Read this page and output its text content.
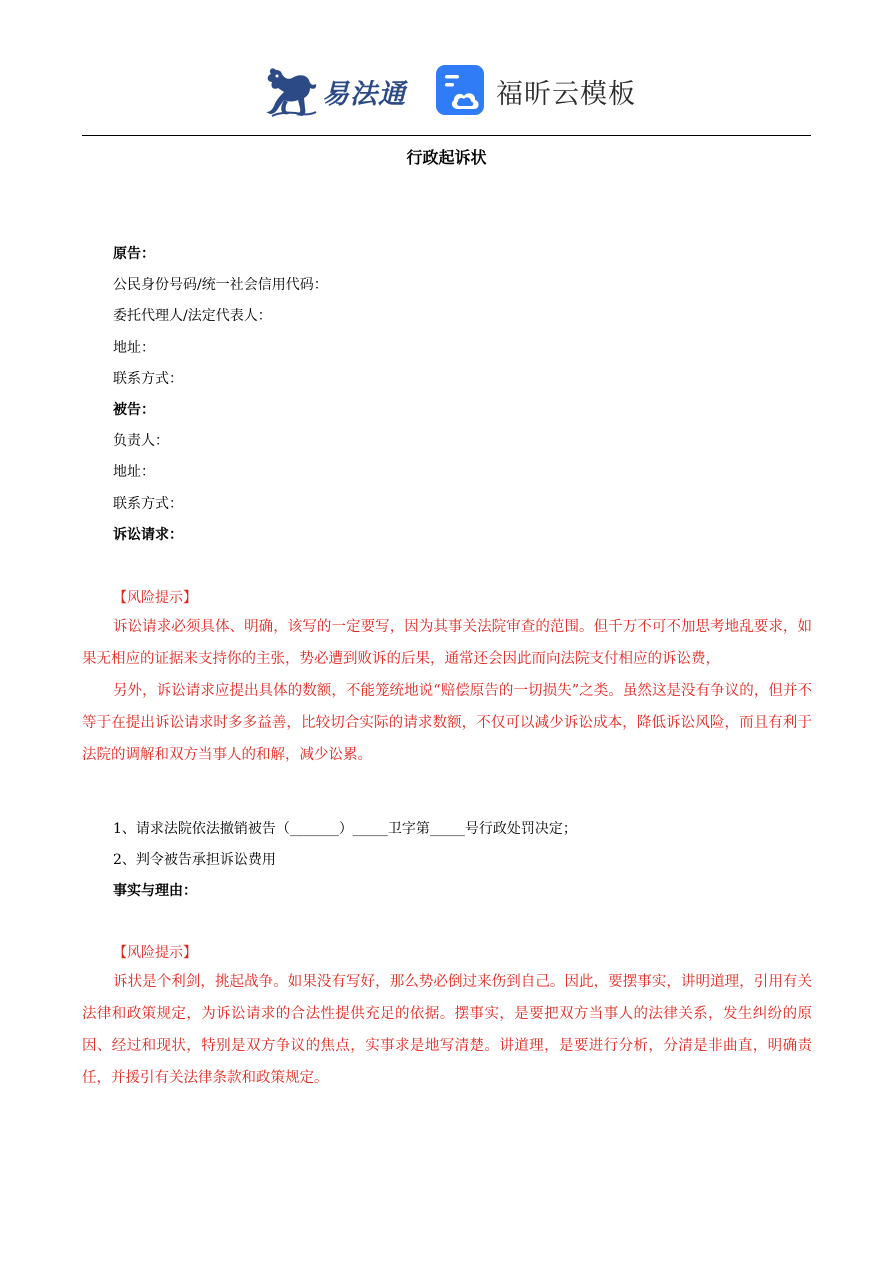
易法通	福昕云模板
行政起诉状
原告：
公民身份号码/统一社会信用代码：
委托代理人/法定代表人：
地址：
联系方式：
被告：
负责人：
地址：
联系方式：
诉讼请求：
【风险提示】

诉讼请求必须具体、明确，该写的一定要写，因为其事关法院审查的范围。但千万不可不加思考地乱要求，如果无相应的证据来支持你的主张，势必遭到败诉的后果，通常还会因此而向法院支付相应的诉讼费，

另外，诉讼请求应提出具体的数额，不能笼统地说“赔偿原告的一切损失”之类。虽然这是没有争议的，但并不等于在提出诉讼请求时多多益善，比较切合实际的请求数额，不仅可以减少诉讼成本，降低诉讼风险，而且有利于法院的调解和双方当事人的和解，减少讼累。

1、请求法院依法撤销被告（_______）_____卫字第_____号行政处罚决定；
2、判令被告承担诉讼费用
事实与理由：
【风险提示】

诉状是个利剑，挑起战争。如果没有写好，那么势必倒过来伤到自己。因此，要摆事实，讲明道理，引用有关法律和政策规定，为诉讼请求的合法性提供充足的依据。摆事实，是要把双方当事人的法律关系，发生纠纷的原因、经过和现状，特别是双方争议的焦点，实事求是地写清楚。讲道理，是要进行分析，分清是非曲直，明确责任，并援引有关法律条款和政策规定。
